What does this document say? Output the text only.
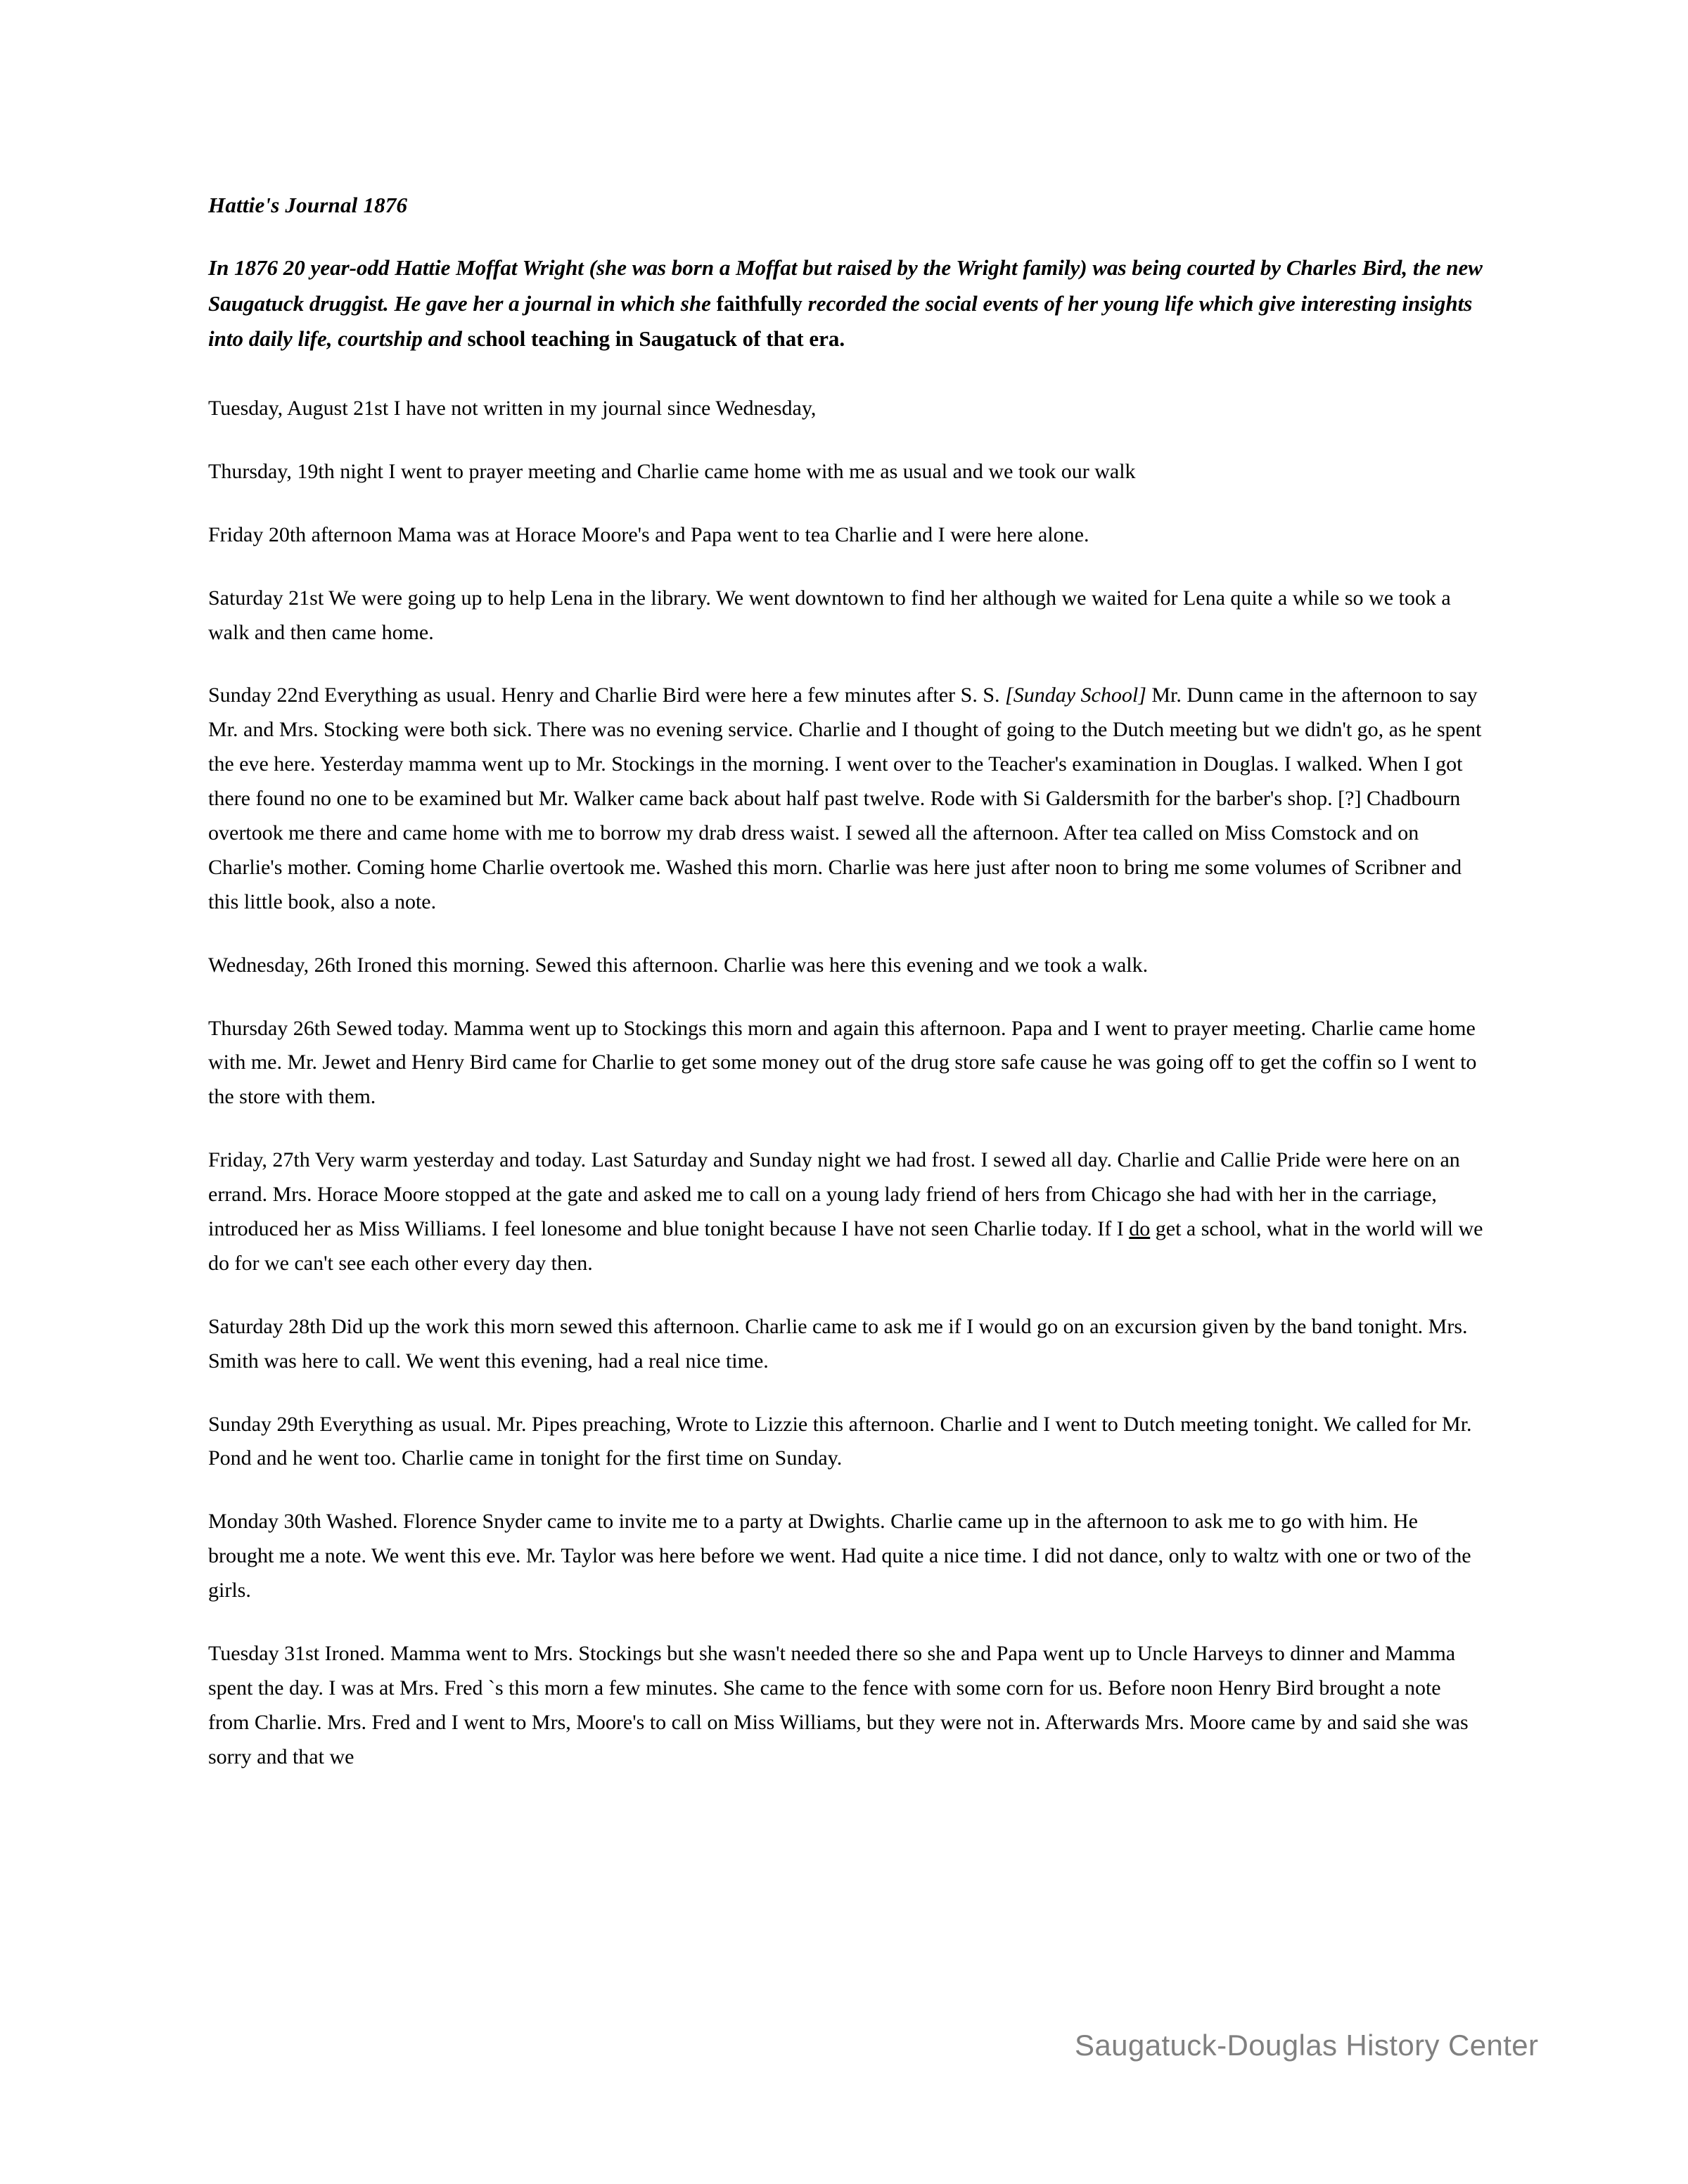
Hattie's Journal 1876

In 1876 20 year-odd Hattie Moffat Wright (she was born a Moffat but raised by the Wright family) was being courted by Charles Bird, the new Saugatuck druggist. He gave her a journal in which she faithfully recorded the social events of her young life which give interesting insights into daily life, courtship and school teaching in Saugatuck of that era.

Tuesday, August 21st I have not written in my journal since Wednesday,

Thursday, 19th night I went to prayer meeting and Charlie came home with me as usual and we took our walk

Friday 20th afternoon Mama was at Horace Moore's and Papa went to tea Charlie and I were here alone.

Saturday 21st We were going up to help Lena in the library. We went downtown to find her although we waited for Lena quite a while so we took a walk and then came home.

Sunday 22nd Everything as usual. Henry and Charlie Bird were here a few minutes after S. S. [Sunday School] Mr. Dunn came in the afternoon to say Mr. and Mrs. Stocking were both sick. There was no evening service. Charlie and I thought of going to the Dutch meeting but we didn't go, as he spent the eve here. Yesterday mamma went up to Mr. Stockings in the morning. I went over to the Teacher's examination in Douglas. I walked. When I got there found no one to be examined but Mr. Walker came back about half past twelve. Rode with Si Galdersmith for the barber's shop. [?] Chadbourn overtook me there and came home with me to borrow my drab dress waist. I sewed all the afternoon. After tea called on Miss Comstock and on Charlie's mother. Coming home Charlie overtook me. Washed this morn. Charlie was here just after noon to bring me some volumes of Scribner and this little book, also a note.

Wednesday, 26th Ironed this morning. Sewed this afternoon. Charlie was here this evening and we took a walk.

Thursday 26th Sewed today. Mamma went up to Stockings this morn and again this afternoon. Papa and I went to prayer meeting. Charlie came home with me. Mr. Jewet and Henry Bird came for Charlie to get some money out of the drug store safe cause he was going off to get the coffin so I went to the store with them.

Friday, 27th Very warm yesterday and today. Last Saturday and Sunday night we had frost. I sewed all day. Charlie and Callie Pride were here on an errand. Mrs. Horace Moore stopped at the gate and asked me to call on a young lady friend of hers from Chicago she had with her in the carriage, introduced her as Miss Williams. I feel lonesome and blue tonight because I have not seen Charlie today. If I do get a school, what in the world will we do for we can't see each other every day then.

Saturday 28th Did up the work this morn sewed this afternoon. Charlie came to ask me if I would go on an excursion given by the band tonight. Mrs. Smith was here to call. We went this evening, had a real nice time.

Sunday 29th Everything as usual. Mr. Pipes preaching, Wrote to Lizzie this afternoon. Charlie and I went to Dutch meeting tonight. We called for Mr. Pond and he went too. Charlie came in tonight for the first time on Sunday.

Monday 30th Washed. Florence Snyder came to invite me to a party at Dwights. Charlie came up in the afternoon to ask me to go with him. He brought me a note. We went this eve. Mr. Taylor was here before we went. Had quite a nice time. I did not dance, only to waltz with one or two of the girls.

Tuesday 31st Ironed. Mamma went to Mrs. Stockings but she wasn't needed there so she and Papa went up to Uncle Harveys to dinner and Mamma spent the day. I was at Mrs. Fred `s this morn a few minutes. She came to the fence with some corn for us. Before noon Henry Bird brought a note from Charlie. Mrs. Fred and I went to Mrs, Moore's to call on Miss Williams, but they were not in. Afterwards Mrs. Moore came by and said she was sorry and that we

Saugatuck-Douglas History Center
